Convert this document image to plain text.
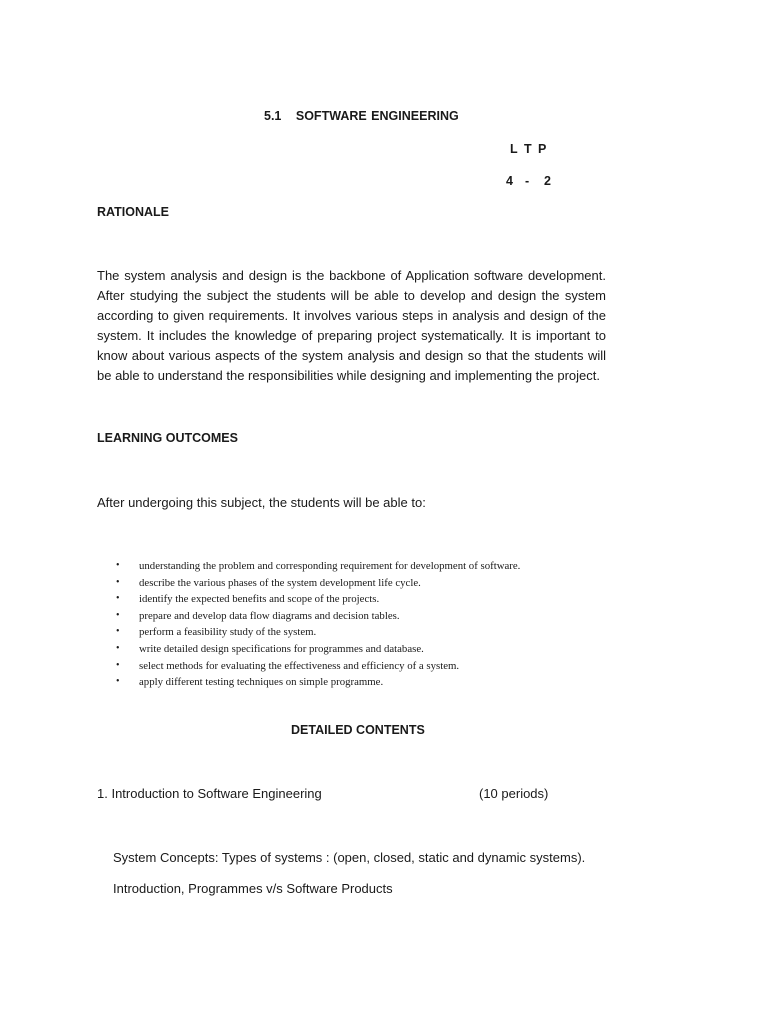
5.1 SOFTWARE ENGINEERING
L T P
4 - 2
RATIONALE

The system analysis and design is the backbone of Application software development. After studying the subject the students will be able to develop and design the system according to given requirements. It involves various steps in analysis and design of the system. It includes the knowledge of preparing project systematically. It is important to know about various aspects of the system analysis and design so that the students will be able to understand the responsibilities while designing and implementing the project.

LEARNING OUTCOMES
After undergoing this subject, the students will be able to:
• understanding the problem and corresponding requirement for development of software.
• describe the various phases of the system development life cycle.
• identify the expected benefits and scope of the projects.
• prepare and develop data flow diagrams and decision tables.
• perform a feasibility study of the system.
• write detailed design specifications for programmes and database.
• select methods for evaluating the effectiveness and efficiency of a system.
• apply different testing techniques on simple programme.
DETAILED CONTENTS
1. Introduction to Software Engineering	(10 periods)
System Concepts: Types of systems : (open, closed, static and dynamic systems).
Introduction, Programmes v/s Software Products
